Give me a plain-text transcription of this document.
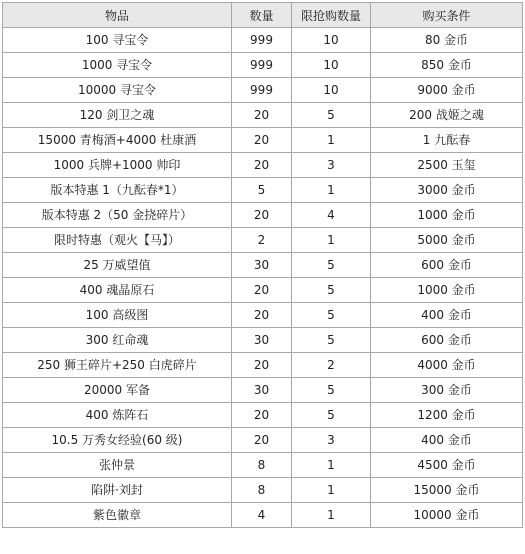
物品	数量	限抢购数量	购买条件
100 寻宝令	999	10	80 金币
1000 寻宝令	999	10	850 金币
10000 寻宝令	999	10	9000 金币
120 剑卫之魂	20	5	200 战姬之魂
15000 青梅酒+4000 杜康酒	20	1	1 九酝春
1000 兵牌+1000 帅印	20	3	2500 玉玺
版本特惠 1（九酝春*1）	5	1	3000 金币
版本特惠 2（50 金挠碎片）	20	4	1000 金币
限时特惠（观火【马】）	2	1	5000 金币
25 万威望值	30	5	600 金币
400 魂晶原石	20	5	1000 金币
100 高级图	20	5	400 金币
300 红命魂	30	5	600 金币
250 狮王碎片+250 白虎碎片	20	2	4000 金币
20000 军备	30	5	300 金币
400 炼阵石	20	5	1200 金币
10.5 万秀女经验(60 级)	20	3	400 金币
张仲景	8	1	4500 金币
陷阱·刘封	8	1	15000 金币
紫色徽章	4	1	10000 金币
